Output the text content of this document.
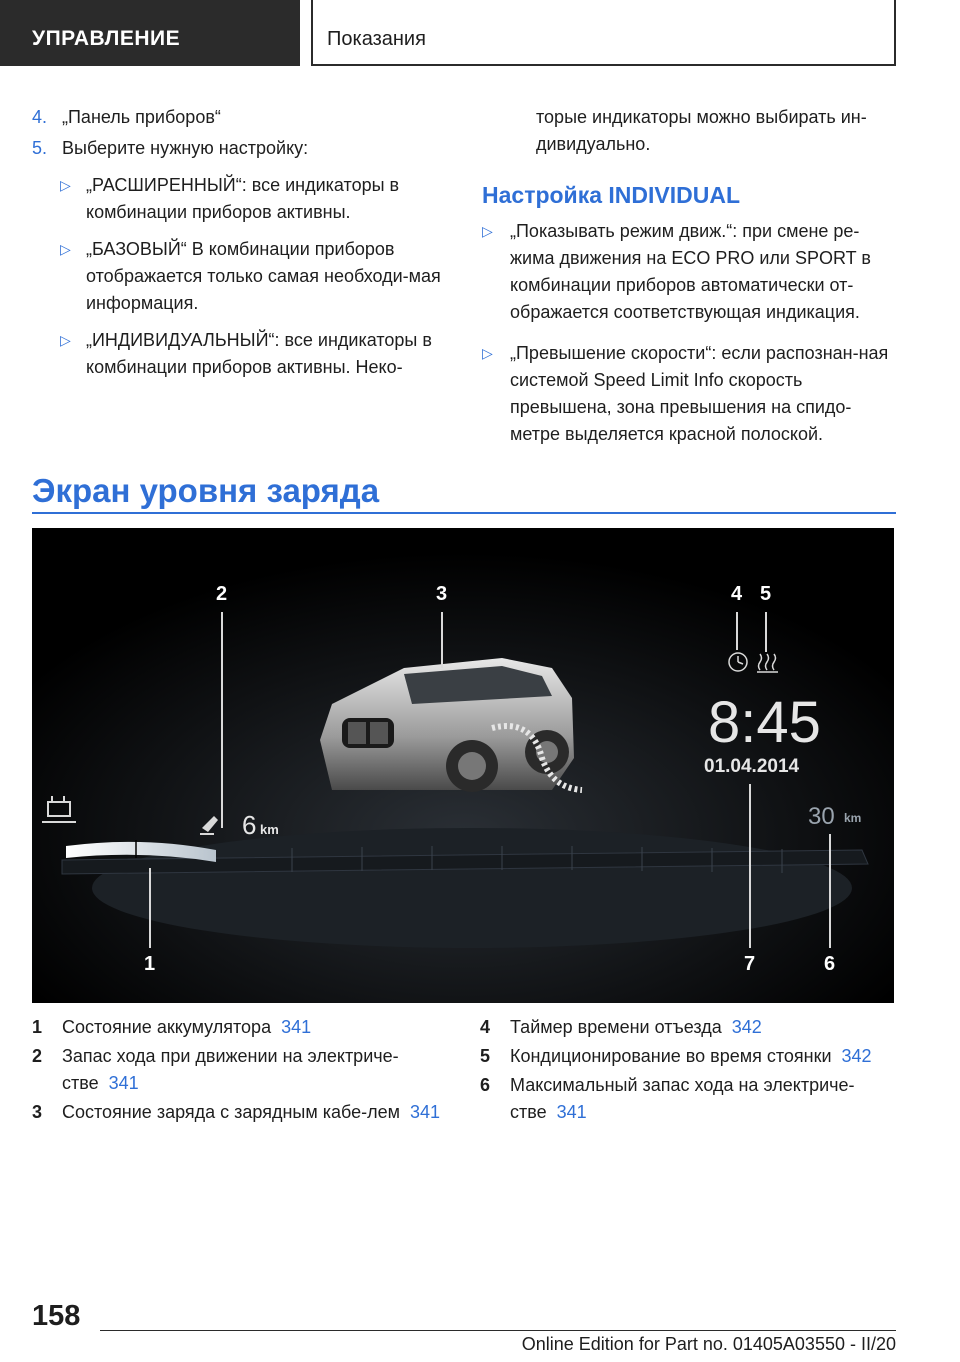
УПРАВЛЕНИЕ	Показания
4. „Панель приборов“
5. Выберите нужную настройку:
▷ „РАСШИРЕННЫЙ“: все индикаторы в комбинации приборов активны.
▷ „БАЗОВЫЙ“ В комбинации приборов отображается только самая необходи-мая информация.
▷ „ИНДИВИДУАЛЬНЫЙ“: все индикаторы в комбинации приборов активны. Неко-
торые индикаторы можно выбирать ин-дивидуально.
Настройка INDIVIDUAL
▷ „Показывать режим движ.“: при смене ре-жима движения на ECO PRO или SPORT в комбинации приборов автоматически от-ображается соответствующая индикация.
▷ „Превышение скорости“: если распознан-ная системой Speed Limit Info скорость превышена, зона превышения на спидо-метре выделяется красной полоской.
Экран уровня заряда
6 km	30 km
8:45
01.04.2014
2	3	4 5
1	7	6
1 Состояние аккумулятора 341
2 Запас хода при движении на электриче-стве 341
3 Состояние заряда с зарядным кабе-лем 341
4 Таймер времени отъезда 342
5 Кондиционирование во время стоянки 342
6 Максимальный запас хода на электриче-стве 341
158
Online Edition for Part no. 01405A03550 - II/20
